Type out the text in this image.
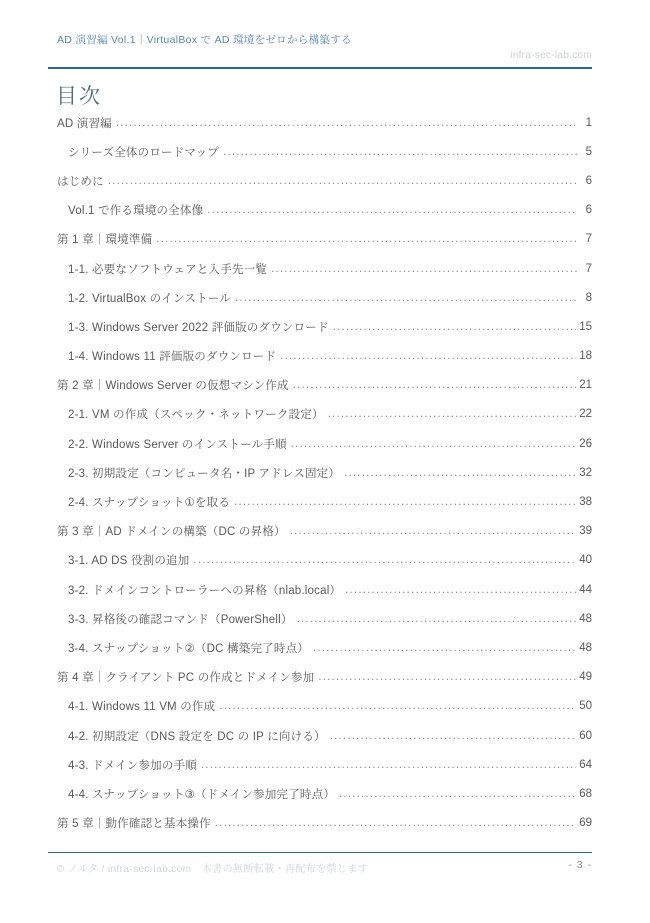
AD 演習編 Vol.1｜VirtualBox で AD 環境をゼロから構築する
infra-sec-lab.com
目次
AD 演習編 .....	1
シリーズ全体のロードマップ .....	5
はじめに .....	6
Vol.1 で作る環境の全体像 .....	6
第 1 章｜環境準備 .....	7
1-1. 必要なソフトウェアと入手先一覧 .....	7
1-2. VirtualBox のインストール .....	8
1-3. Windows Server 2022 評価版のダウンロード .....	15
1-4. Windows 11 評価版のダウンロード .....	18
第 2 章｜Windows Server の仮想マシン作成 .....	21
2-1. VM の作成（スペック・ネットワーク設定） .....	22
2-2. Windows Server のインストール手順 .....	26
2-3. 初期設定（コンピュータ名・IP アドレス固定） .....	32
2-4. スナップショット①を取る .....	38
第 3 章｜AD ドメインの構築（DC の昇格） .....	39
3-1. AD DS 役割の追加 .....	40
3-2. ドメインコントローラーへの昇格（nlab.local） .....	44
3-3. 昇格後の確認コマンド（PowerShell） .....	48
3-4. スナップショット②（DC 構築完了時点） .....	48
第 4 章｜クライアント PC の作成とドメイン参加 .....	49
4-1. Windows 11 VM の作成 .....	50
4-2. 初期設定（DNS 設定を DC の IP に向ける） .....	60
4-3. ドメイン参加の手順 .....	64
4-4. スナップショット③（ドメイン参加完了時点） .....	68
第 5 章｜動作確認と基本操作 .....	69
© ノルタ / infra-sec-lab.com　本書の無断転載・再配布を禁じます	- 3 -
